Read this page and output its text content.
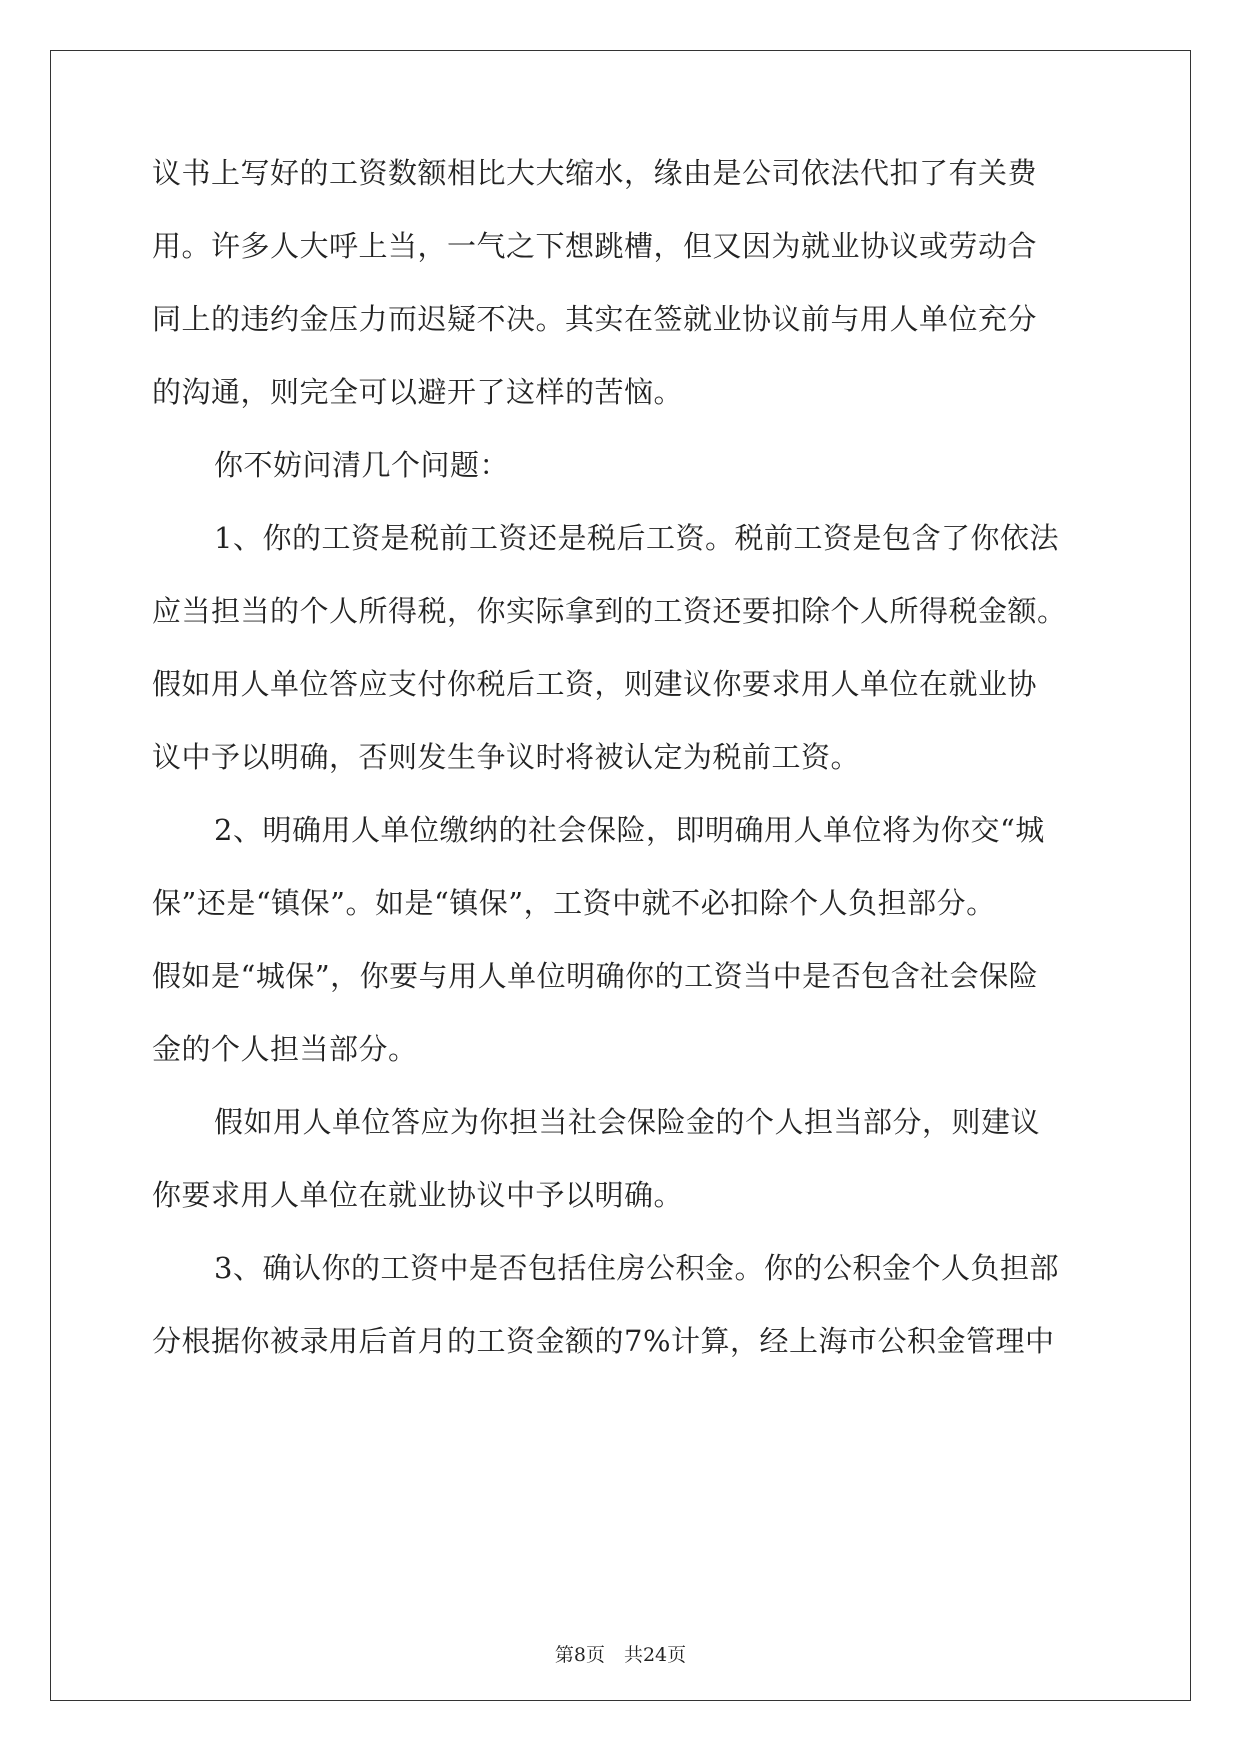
议书上写好的工资数额相比大大缩水，缘由是公司依法代扣了有关费
用。许多人大呼上当，一气之下想跳槽，但又因为就业协议或劳动合
同上的违约金压力而迟疑不决。其实在签就业协议前与用人单位充分
的沟通，则完全可以避开了这样的苦恼。
你不妨问清几个问题：
1、你的工资是税前工资还是税后工资。税前工资是包含了你依法
应当担当的个人所得税，你实际拿到的工资还要扣除个人所得税金额。
假如用人单位答应支付你税后工资，则建议你要求用人单位在就业协
议中予以明确，否则发生争议时将被认定为税前工资。
2、明确用人单位缴纳的社会保险，即明确用人单位将为你交“城
保”还是“镇保”。如是“镇保”，工资中就不必扣除个人负担部分。
假如是“城保”，你要与用人单位明确你的工资当中是否包含社会保险
金的个人担当部分。
假如用人单位答应为你担当社会保险金的个人担当部分，则建议
你要求用人单位在就业协议中予以明确。
3、确认你的工资中是否包括住房公积金。你的公积金个人负担部
分根据你被录用后首月的工资金额的7%计算，经上海市公积金管理中
第8页　共24页
